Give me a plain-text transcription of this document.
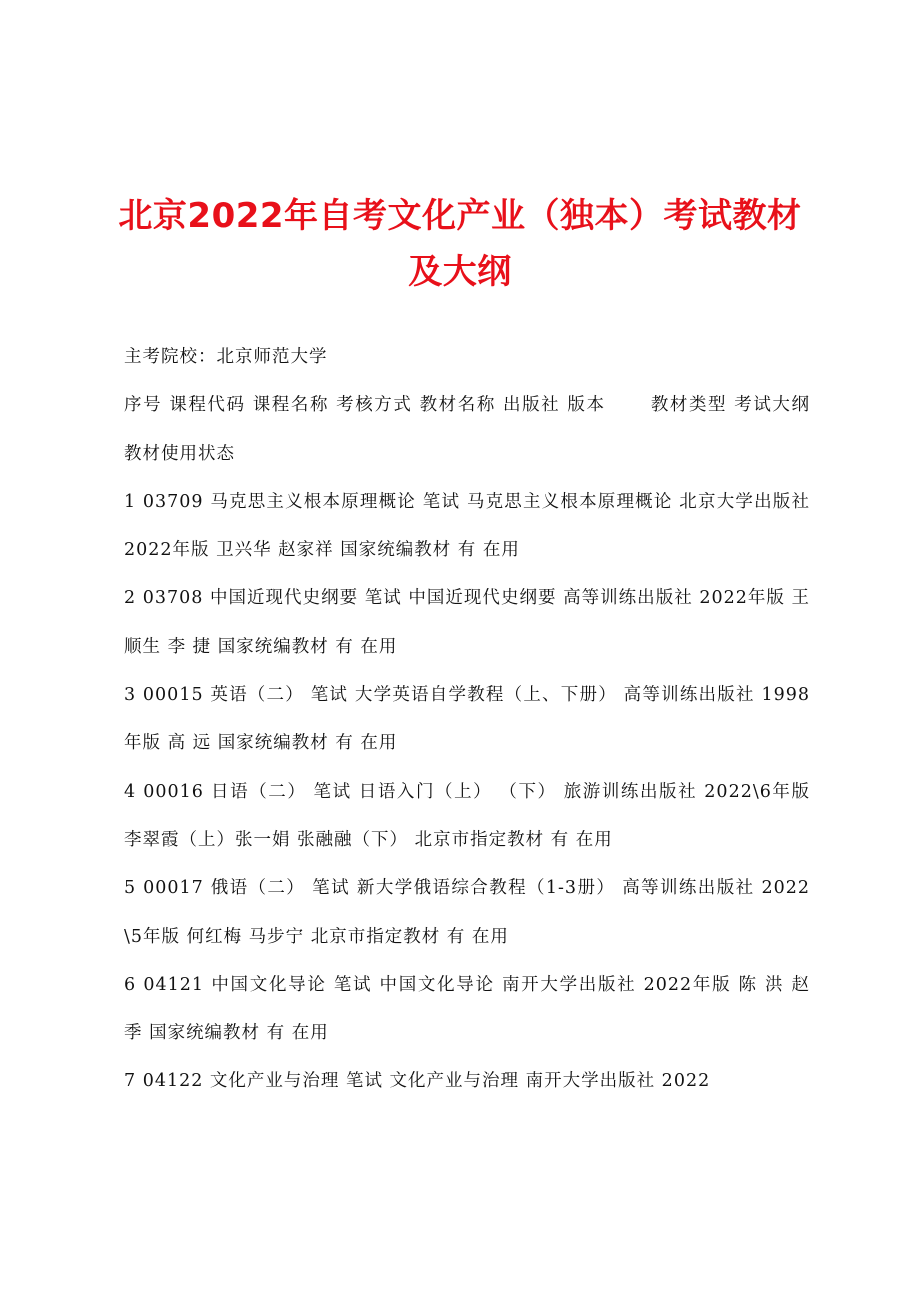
北京2022年自考文化产业（独本）考试教材及大纲

主考院校：北京师范大学

序号 课程代码 课程名称 考核方式 教材名称 出版社 版本　　 教材类型 考试大纲 教材使用状态

1 03709 马克思主义根本原理概论 笔试 马克思主义根本原理概论 北京大学出版社 2022年版 卫兴华 赵家祥 国家统编教材 有 在用

2 03708 中国近现代史纲要 笔试 中国近现代史纲要 高等训练出版社 2022年版 王顺生 李 捷 国家统编教材 有 在用

3 00015 英语（二） 笔试 大学英语自学教程（上、下册） 高等训练出版社 1998年版 高 远 国家统编教材 有 在用

4 00016 日语（二） 笔试 日语入门（上） （下） 旅游训练出版社 2022\6年版 李翠霞（上）张一娟 张融融（下） 北京市指定教材 有 在用

5 00017 俄语（二） 笔试 新大学俄语综合教程（1-3册） 高等训练出版社 2022\5年版 何红梅 马步宁 北京市指定教材 有 在用

6 04121 中国文化导论 笔试 中国文化导论 南开大学出版社 2022年版 陈 洪 赵 季 国家统编教材 有 在用

7 04122 文化产业与治理 笔试 文化产业与治理 南开大学出版社 2022
